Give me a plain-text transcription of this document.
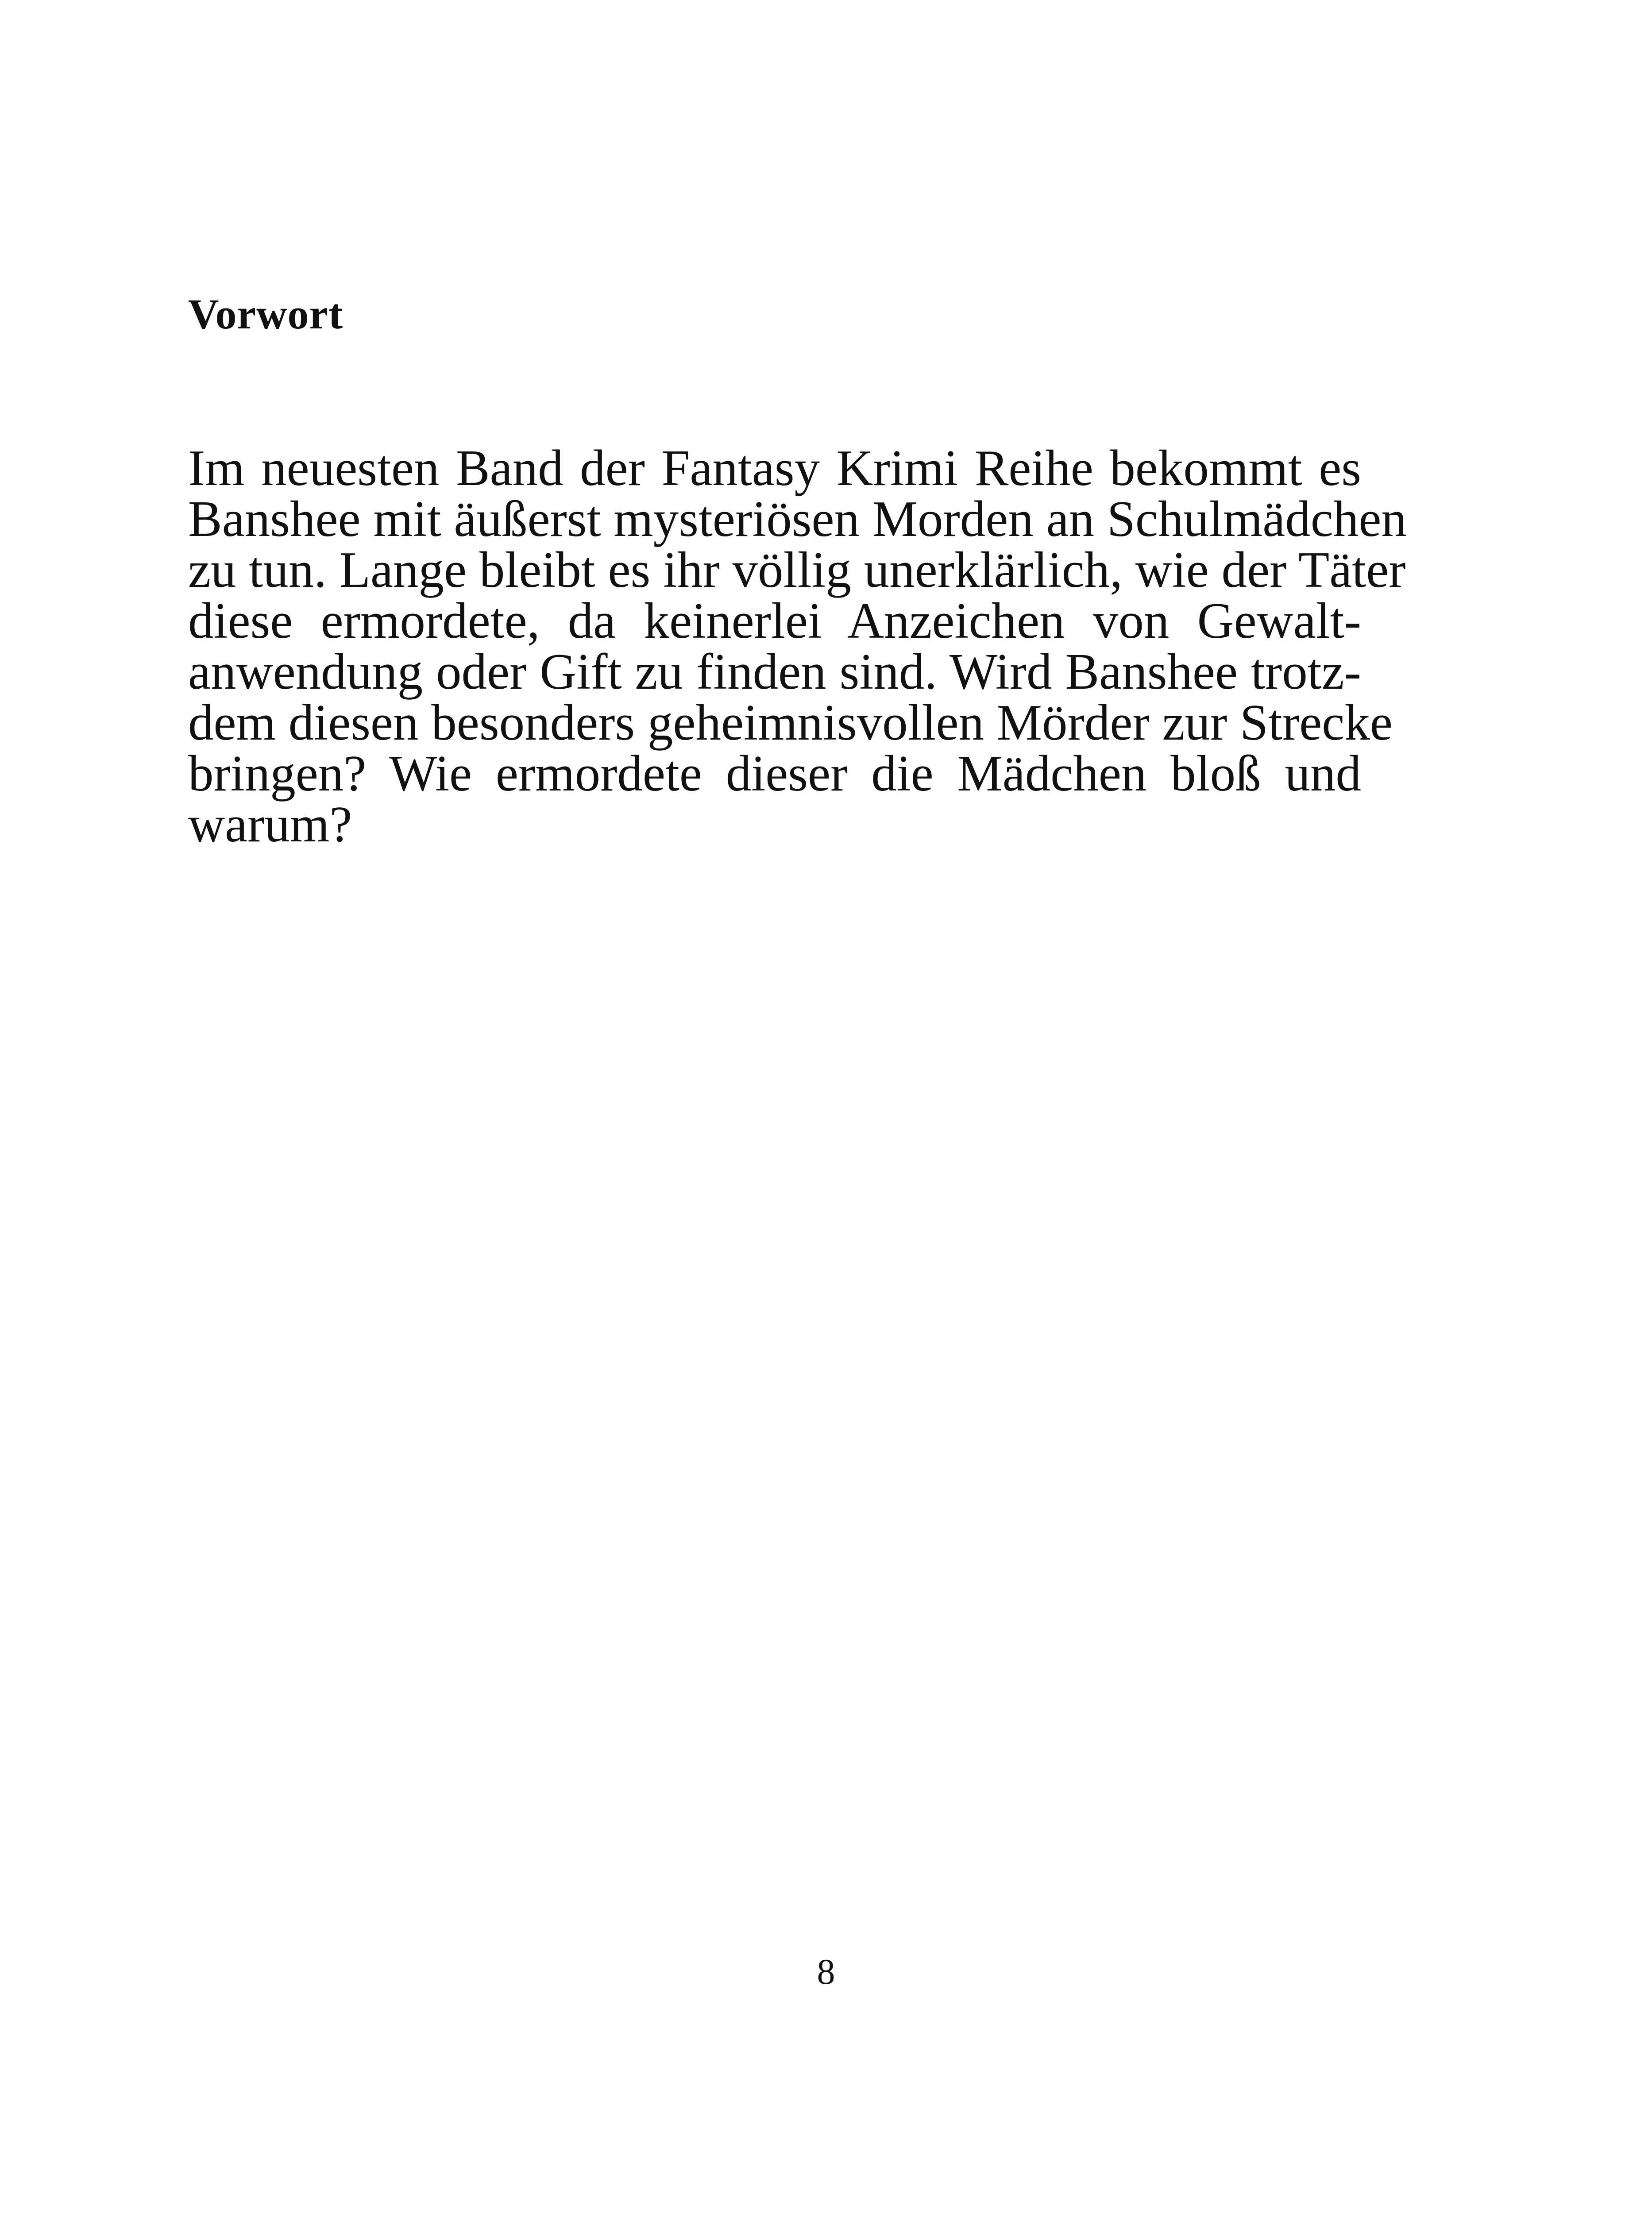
Vorwort
Im neuesten Band der Fantasy Krimi Reihe bekommt es
Banshee mit äußerst mysteriösen Morden an Schulmädchen
zu tun. Lange bleibt es ihr völlig unerklärlich, wie der Täter
diese ermordete, da keinerlei Anzeichen von Gewalt-
anwendung oder Gift zu finden sind. Wird Banshee trotz-
dem diesen besonders geheimnisvollen Mörder zur Strecke
bringen? Wie ermordete dieser die Mädchen bloß und
warum?
8
